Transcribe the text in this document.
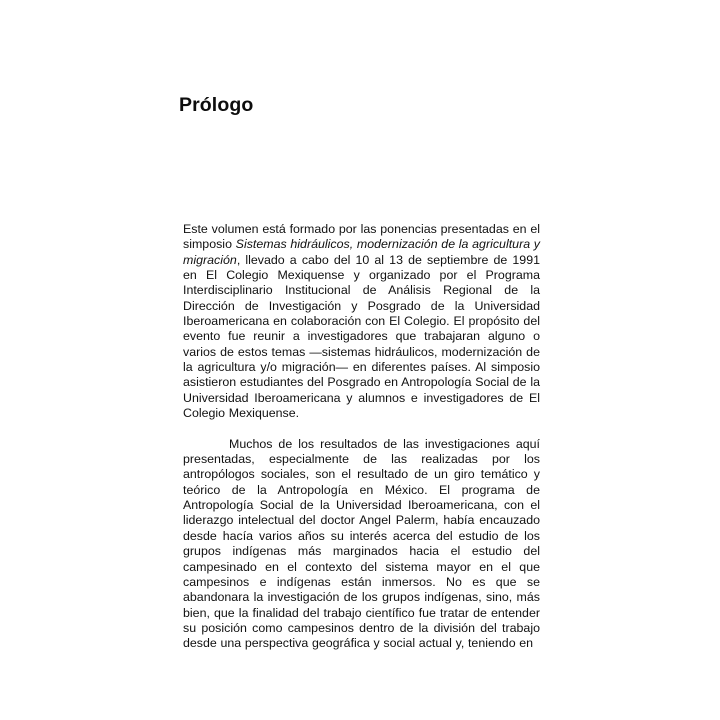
Prólogo

Este volumen está formado por las ponencias presentadas en el simposio Sistemas hidráulicos, modernización de la agricultura y migración, llevado a cabo del 10 al 13 de septiembre de 1991 en El Colegio Mexiquense y organizado por el Programa Interdisciplinario Institucional de Análisis Regional de la Dirección de Investigación y Posgrado de la Universidad Iberoamericana en colaboración con El Colegio. El propósito del evento fue reunir a investigadores que trabajaran alguno o varios de estos temas —sistemas hidráulicos, modernización de la agricultura y/o migración— en diferentes países. Al simposio asistieron estudiantes del Posgrado en Antropología Social de la Universidad Iberoamericana y alumnos e investigadores de El Colegio Mexiquense.

Muchos de los resultados de las investigaciones aquí presentadas, especialmente de las realizadas por los antropólogos sociales, son el resultado de un giro temático y teórico de la Antropología en México. El programa de Antropología Social de la Universidad Iberoamericana, con el liderazgo intelectual del doctor Angel Palerm, había encauzado desde hacía varios años su interés acerca del estudio de los grupos indígenas más marginados hacia el estudio del campesinado en el contexto del sistema mayor en el que campesinos e indígenas están inmersos. No es que se abandonara la investigación de los grupos indígenas, sino, más bien, que la finalidad del trabajo científico fue tratar de entender su posición como campesinos dentro de la división del trabajo desde una perspectiva geográfica y social actual y, teniendo en
